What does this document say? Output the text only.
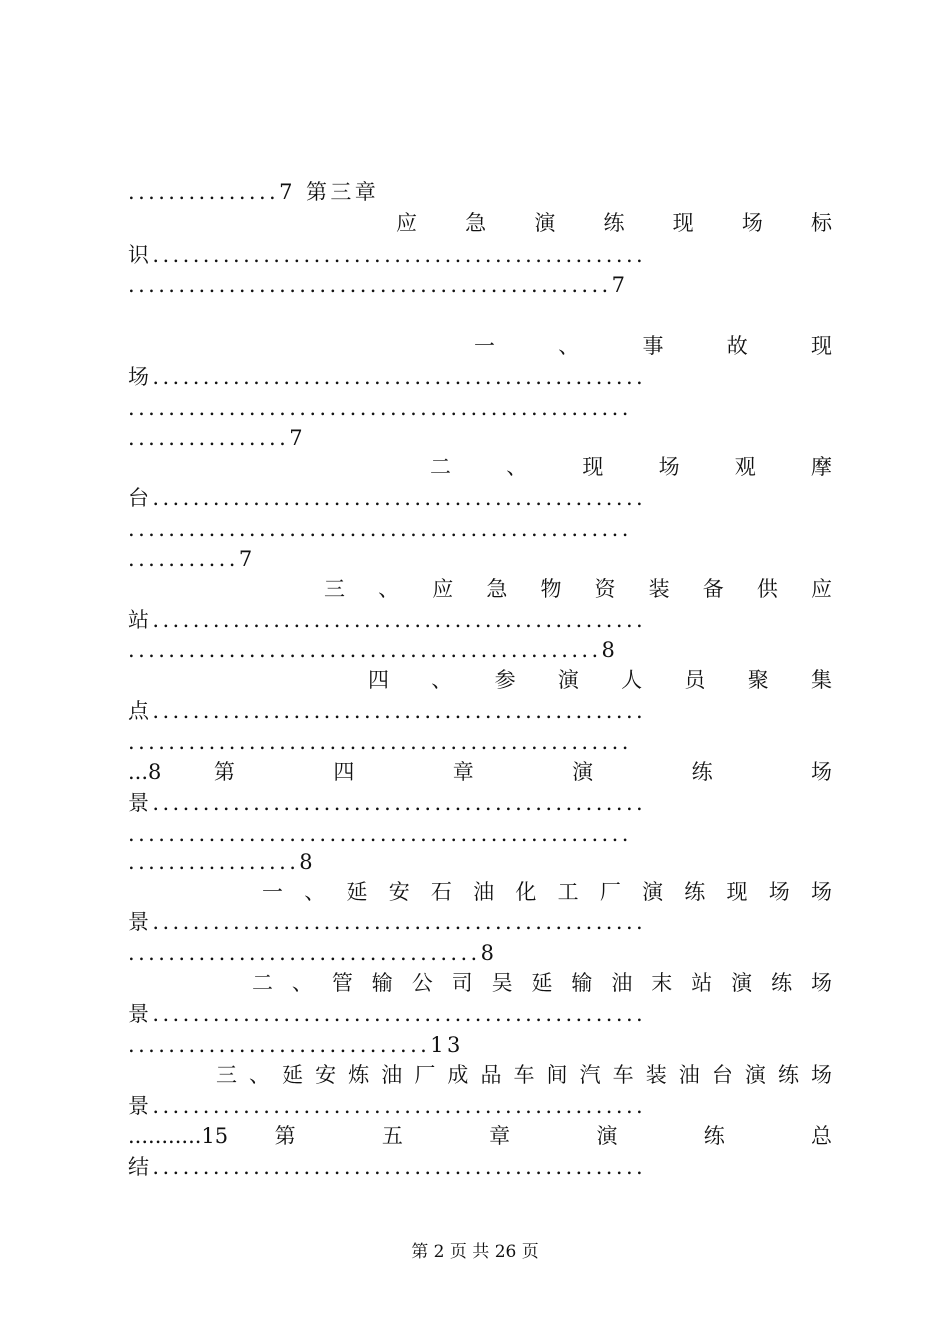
...............7 第三章
应 急 演 练 现 场 标
识.................................................
................................................7
一 、 事 故 现
场.................................................
..................................................
................7
二 、 现 场 观 摩
台.................................................
..................................................
...........7
三 、 应 急 物 资 装 备 供 应
站.................................................
...............................................8
四 、 参 演 人 员 聚 集
点.................................................
..................................................
...8 第 四 章 演 练 场
景.................................................
..................................................
.................8
一 、 延 安 石 油 化 工 厂 演 练 现 场 场
景.................................................
...................................8
二 、 管 输 公 司 吴 延 输 油 末 站 演 练 场
景.................................................
..............................13
三 、 延 安 炼 油 厂 成 品 车 间 汽 车 装 油 台 演 练 场
景.................................................
...........15 第 五 章 演 练 总
结.................................................
第 2 页 共 26 页
